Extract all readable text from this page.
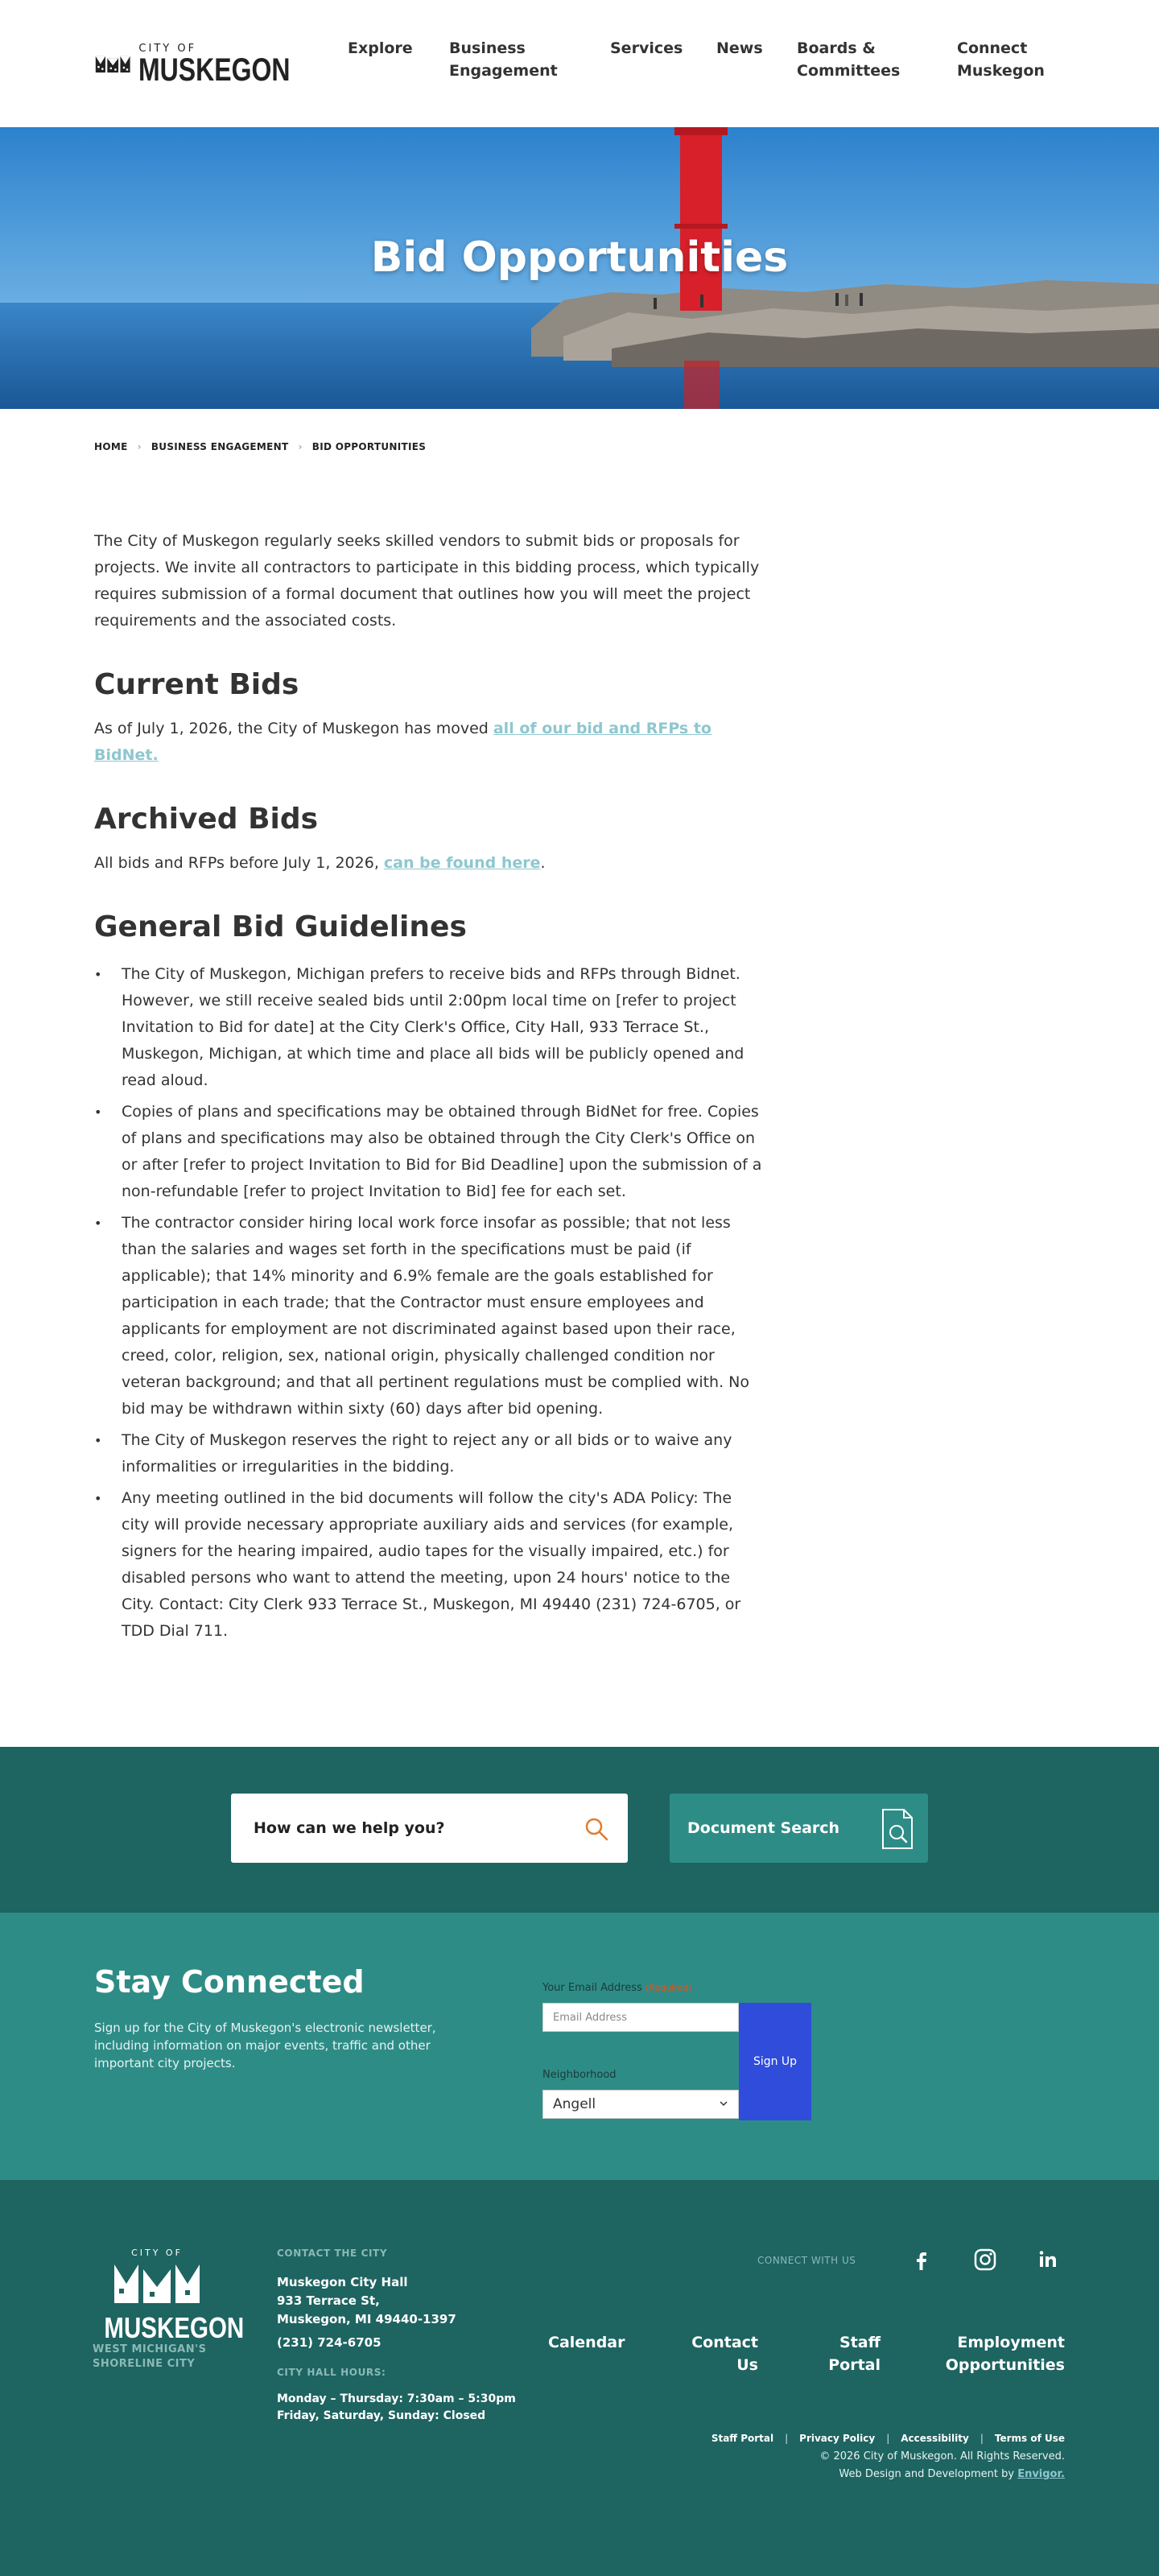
CITY OF
MUSKEGON
Explore Business Engagement
Services News Boards & Committees
Connect Muskegon
Bid Opportunities
HOME › BUSINESS ENGAGEMENT › BID OPPORTUNITIES

The City of Muskegon regularly seeks skilled vendors to submit bids or proposals for projects. We invite all contractors to participate in this bidding process, which typically requires submission of a formal document that outlines how you will meet the project requirements and the associated costs.

Current Bids

As of July 1, 2026, the City of Muskegon has moved all of our bid and RFPs to BidNet.

Archived Bids

All bids and RFPs before July 1, 2026, can be found here.

General Bid Guidelines
• The City of Muskegon, Michigan prefers to receive bids and RFPs through Bidnet. However, we still receive sealed bids until 2:00pm local time on [refer to project Invitation to Bid for date] at the City Clerk's Office, City Hall, 933 Terrace St., Muskegon, Michigan, at which time and place all bids will be publicly opened and read aloud.
• Copies of plans and specifications may be obtained through BidNet for free. Copies of plans and specifications may also be obtained through the City Clerk's Office on or after [refer to project Invitation to Bid for Bid Deadline] upon the submission of a non-refundable [refer to project Invitation to Bid] fee for each set.
• The contractor consider hiring local work force insofar as possible; that not less than the salaries and wages set forth in the specifications must be paid (if applicable); that 14% minority and 6.9% female are the goals established for participation in each trade; that the Contractor must ensure employees and applicants for employment are not discriminated against based upon their race, creed, color, religion, sex, national origin, physically challenged condition nor veteran background; and that all pertinent regulations must be complied with. No bid may be withdrawn within sixty (60) days after bid opening.
• The City of Muskegon reserves the right to reject any or all bids or to waive any informalities or irregularities in the bidding.
• Any meeting outlined in the bid documents will follow the city's ADA Policy: The city will provide necessary appropriate auxiliary aids and services (for example, signers for the hearing impaired, audio tapes for the visually impaired, etc.) for disabled persons who want to attend the meeting, upon 24 hours' notice to the City. Contact: City Clerk 933 Terrace St., Muskegon, MI 49440 (231) 724-6705, or TDD Dial 711.
How can we help you?	Document Search
Stay Connected

Sign up for the City of Muskegon's electronic newsletter, including information on major events, traffic and other important city projects.

Your Email Address (Required)
Email Address
Neighborhood
Angell
Sign Up
CITY OF
MUSKEGON
WEST MICHIGAN'S
SHORELINE CITY
CONTACT THE CITY
Muskegon City Hall
933 Terrace St,
Muskegon, MI 49440-1397
(231) 724-6705
CITY HALL HOURS:
Monday – Thursday: 7:30am – 5:30pm
Friday, Saturday, Sunday: Closed
CONNECT WITH US
Calendar	Contact Us
Staff Portal
Employment Opportunities
Staff Portal | Privacy Policy | Accessibility | Terms of Use
© 2026 City of Muskegon. All Rights Reserved.
Web Design and Development by Envigor.
